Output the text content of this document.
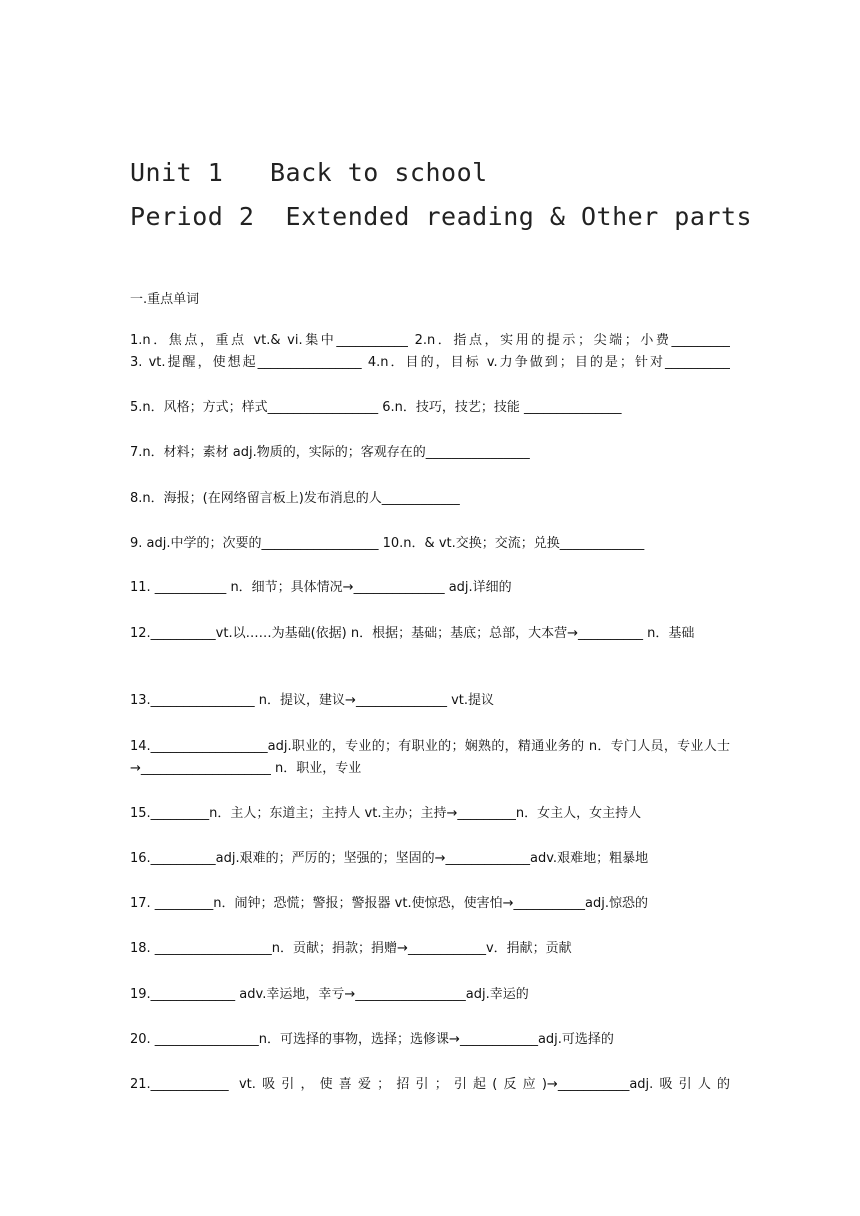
Unit 1   Back to school
Period 2  Extended reading & Other parts
一.重点单词
1.n．焦点，重点 vt.& vi.集中___________ 2.n．指点，实用的提示；尖端；小费_________
3. vt.提醒，使想起________________ 4.n．目的，目标 v.力争做到；目的是；针对__________
5.n．风格；方式；样式_________________ 6.n．技巧，技艺；技能 _______________
7.n．材料；素材 adj.物质的，实际的；客观存在的________________
8.n．海报；(在网络留言板上)发布消息的人____________
9. adj.中学的；次要的__________________ 10.n．& vt.交换；交流；兑换_____________
11. ___________ n．细节；具体情况→______________ adj.详细的
12.__________vt.以……为基础(依据) n．根据；基础；基底；总部，大本营→__________ n．基础
13.________________ n．提议，建议→______________ vt.提议
14.__________________adj.职业的，专业的；有职业的；娴熟的，精通业务的 n．专门人员，专业人士→____________________ n．职业，专业
15._________n．主人；东道主；主持人 vt.主办；主持→_________n．女主人，女主持人
16.__________adj.艰难的；严厉的；坚强的；坚固的→_____________adv.艰难地；粗暴地
17. _________n．闹钟；恐慌；警报；警报器 vt.使惊恐，使害怕→___________adj.惊恐的
18. __________________n．贡献；捐款；捐赠→____________v．捐献；贡献
19._____________ adv.幸运地，幸亏→_________________adj.幸运的
20. ________________n．可选择的事物，选择；选修课→____________adj.可选择的
21.____________ vt.吸引，使喜爱；招引；引起(反应)→___________adj.吸引人的
